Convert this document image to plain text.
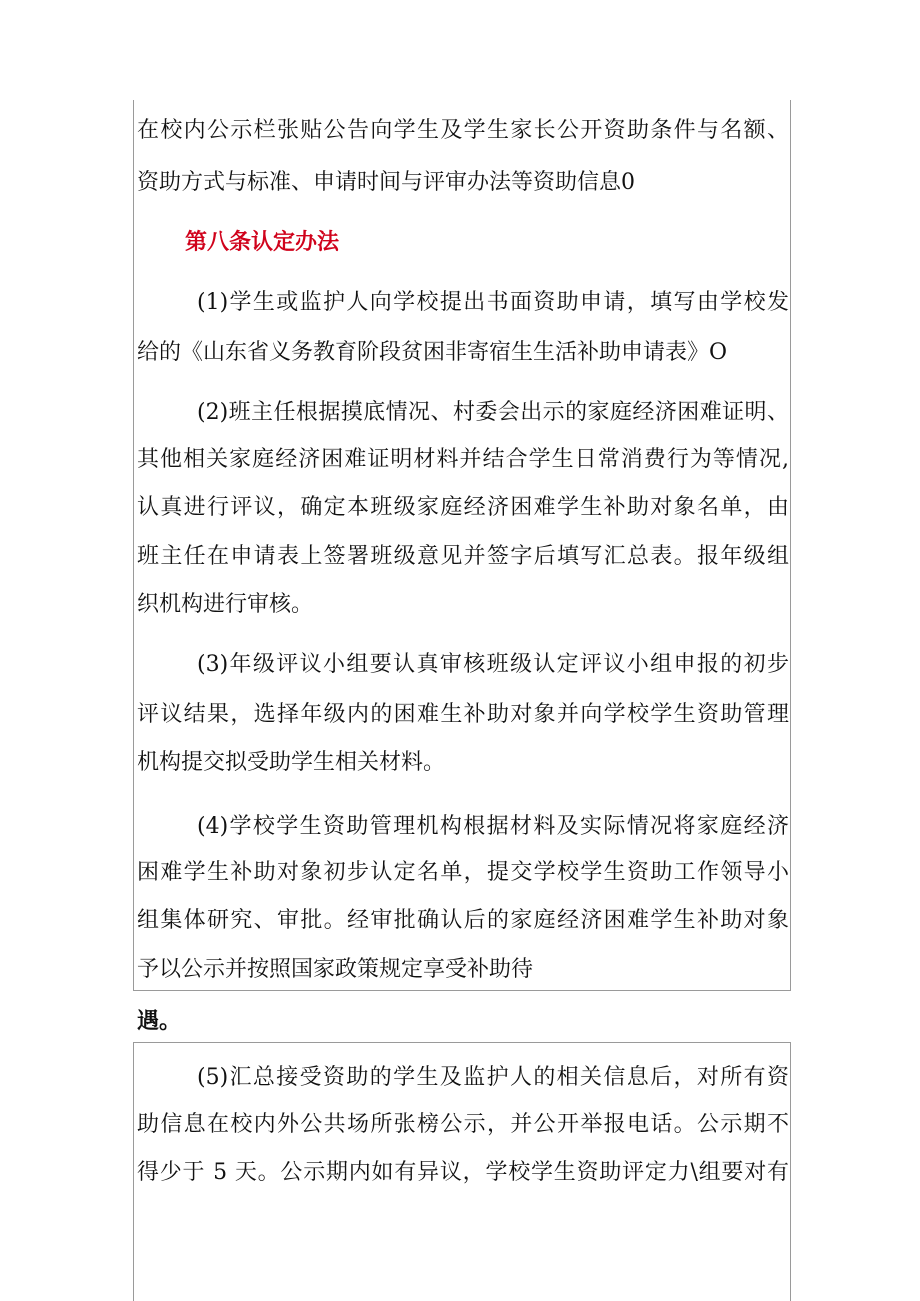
在校内公示栏张贴公告向学生及学生家长公开资助条件与名额、
资助方式与标准、申请时间与评审办法等资助信息0
第八条认定办法
(1)学生或监护人向学校提出书面资助申请，填写由学校发
给的《山东省义务教育阶段贫困非寄宿生生活补助申请表》O
(2)班主任根据摸底情况、村委会出示的家庭经济困难证明、
其他相关家庭经济困难证明材料并结合学生日常消费行为等情况,
认真进行评议，确定本班级家庭经济困难学生补助对象名单，由
班主任在申请表上签署班级意见并签字后填写汇总表。报年级组
织机构进行审核。
(3)年级评议小组要认真审核班级认定评议小组申报的初步
评议结果，选择年级内的困难生补助对象并向学校学生资助管理
机构提交拟受助学生相关材料。
(4)学校学生资助管理机构根据材料及实际情况将家庭经济
困难学生补助对象初步认定名单，提交学校学生资助工作领导小
组集体研究、审批。经审批确认后的家庭经济困难学生补助对象
予以公示并按照国家政策规定享受补助待
遇。
(5)汇总接受资助的学生及监护人的相关信息后，对所有资
助信息在校内外公共场所张榜公示，并公开举报电话。公示期不
得少于 5 天。公示期内如有异议，学校学生资助评定力\组要对有
